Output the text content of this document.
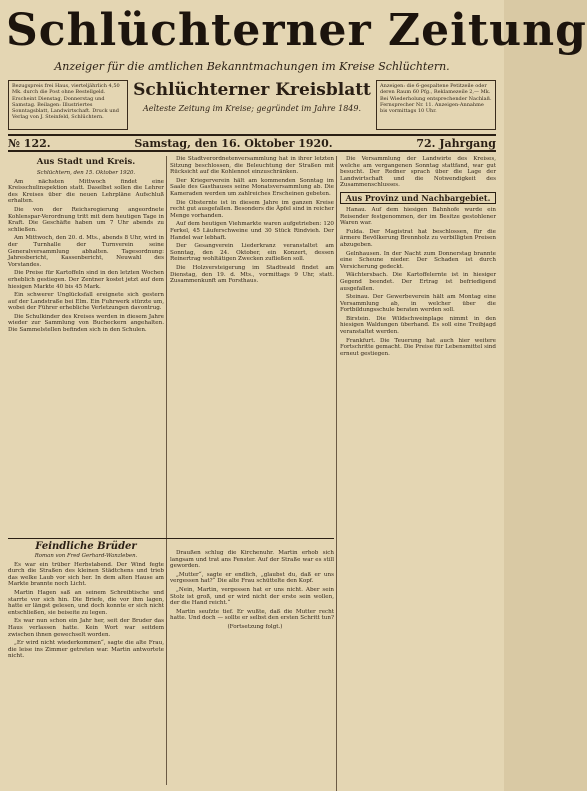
Schlüchterner Zeitung
Anzeiger für die amtlichen Bekanntmachungen im Kreise Schlüchtern.
Bezugspreis frei Haus, vierteljährlich 4,50 Mk. durch die Post ohne Bestellgeld. Erscheint Dienstag, Donnerstag und Samstag. Beilagen: Illustriertes Sonntagsblatt, Landwirtschaft. Druck und Verlag von J. Steinfeld, Schlüchtern.
Schlüchterner Kreisblatt
Aelteste Zeitung im Kreise; gegründet im Jahre 1849.
Anzeigen: die 6-gespaltene Petitzeile oder deren Raum 60 Pfg., Reklamezeile 2,— Mk. Bei Wiederholung entsprechender Nachlaß. Fernsprecher Nr. 11. Anzeigen-Annahme bis vormittags 10 Uhr.
№ 122.	Samstag, den 16. Oktober 1920.	72. Jahrgang
Aus Stadt und Kreis.
Schlüchtern, den 15. Oktober 1920.

Am nächsten Mittwoch findet eine Kreisschulinspektion statt. Daselbst sollen die Lehrer des Kreises über die neuen Lehrpläne Aufschluß erhalten.

Die von der Reichsregierung angeordnete Kohlenspar-Verordnung tritt mit dem heutigen Tage in Kraft. Die Geschäfte haben um 7 Uhr abends zu schließen.

Am Mittwoch, den 20. d. Mts., abends 8 Uhr, wird in der Turnhalle der Turnverein seine Generalversammlung abhalten. Tagesordnung: Jahresbericht, Kassenbericht, Neuwahl des Vorstandes.

Die Preise für Kartoffeln sind in den letzten Wochen erheblich gestiegen. Der Zentner kostet jetzt auf dem hiesigen Markte 40 bis 45 Mark.

Ein schwerer Unglücksfall ereignete sich gestern auf der Landstraße bei Elm. Ein Fuhrwerk stürzte um, wobei der Führer erhebliche Verletzungen davontrug.

Die Schulkinder des Kreises werden in diesem Jahre wieder zur Sammlung von Bucheckern angehalten. Die Sammelstellen befinden sich in den Schulen.

Die Stadtverordnetenversammlung hat in ihrer letzten Sitzung beschlossen, die Beleuchtung der Straßen mit Rücksicht auf die Kohlennot einzuschränken.

Der Kriegerverein hält am kommenden Sonntag im Saale des Gasthauses seine Monatsversammlung ab. Die Kameraden werden um zahlreiches Erscheinen gebeten.

Die Obsternte ist in diesem Jahre im ganzen Kreise recht gut ausgefallen. Besonders die Äpfel sind in reicher Menge vorhanden.

Auf dem heutigen Viehmarkte waren aufgetrieben: 120 Ferkel, 45 Läuferschweine und 30 Stück Rindvieh. Der Handel war lebhaft.

Der Gesangverein Liederkranz veranstaltet am Sonntag, den 24. Oktober, ein Konzert, dessen Reinertrag wohltätigen Zwecken zufließen soll.

Die Holzversteigerung im Stadtwald findet am Dienstag, den 19. d. Mts., vormittags 9 Uhr, statt. Zusammenkunft am Forsthaus.

Die Versammlung der Landwirte des Kreises, welche am vergangenen Sonntag stattfand, war gut besucht. Der Redner sprach über die Lage der Landwirtschaft und die Notwendigkeit des Zusammenschlusses.

Aus Provinz und Nachbargebiet.

Hanau. Auf dem hiesigen Bahnhofe wurde ein Reisender festgenommen, der im Besitze gestohlener Waren war.

Fulda. Der Magistrat hat beschlossen, für die ärmere Bevölkerung Brennholz zu verbilligten Preisen abzugeben.

Gelnhausen. In der Nacht zum Donnerstag brannte eine Scheune nieder. Der Schaden ist durch Versicherung gedeckt.

Wächtersbach. Die Kartoffelernte ist in hiesiger Gegend beendet. Der Ertrag ist befriedigend ausgefallen.

Steinau. Der Gewerbeverein hält am Montag eine Versammlung ab, in welcher über die Fortbildungsschule beraten werden soll.

Birstein. Die Wildschweinplage nimmt in den hiesigen Waldungen überhand. Es soll eine Treibjagd veranstaltet werden.

Frankfurt. Die Teuerung hat auch hier weitere Fortschritte gemacht. Die Preise für Lebensmittel sind erneut gestiegen.

Feindliche Brüder
Roman von Fred Gerhard-Wanzleben.

Es war ein trüber Herbstabend. Der Wind fegte durch die Straßen des kleinen Städtchens und trieb das welke Laub vor sich her. In dem alten Hause am Markte brannte noch Licht.

Martin Hagen saß an seinem Schreibtische und starrte vor sich hin. Die Briefe, die vor ihm lagen, hatte er längst gelesen, und doch konnte er sich nicht entschließen, sie beiseite zu legen.

Es war nun schon ein Jahr her, seit der Bruder das Haus verlassen hatte. Kein Wort war seitdem zwischen ihnen gewechselt worden.

„Er wird nicht wiederkommen“, sagte die alte Frau, die leise ins Zimmer getreten war. Martin antwortete nicht.

Draußen schlug die Kirchenuhr. Martin erhob sich langsam und trat ans Fenster. Auf der Straße war es still geworden.

„Mutter“, sagte er endlich, „glaubst du, daß er uns vergessen hat?“ Die alte Frau schüttelte den Kopf.

„Nein, Martin, vergessen hat er uns nicht. Aber sein Stolz ist groß, und er wird nicht der erste sein wollen, der die Hand reicht.“

Martin seufzte tief. Er wußte, daß die Mutter recht hatte. Und doch — sollte er selbst den ersten Schritt tun?

(Fortsetzung folgt.)
